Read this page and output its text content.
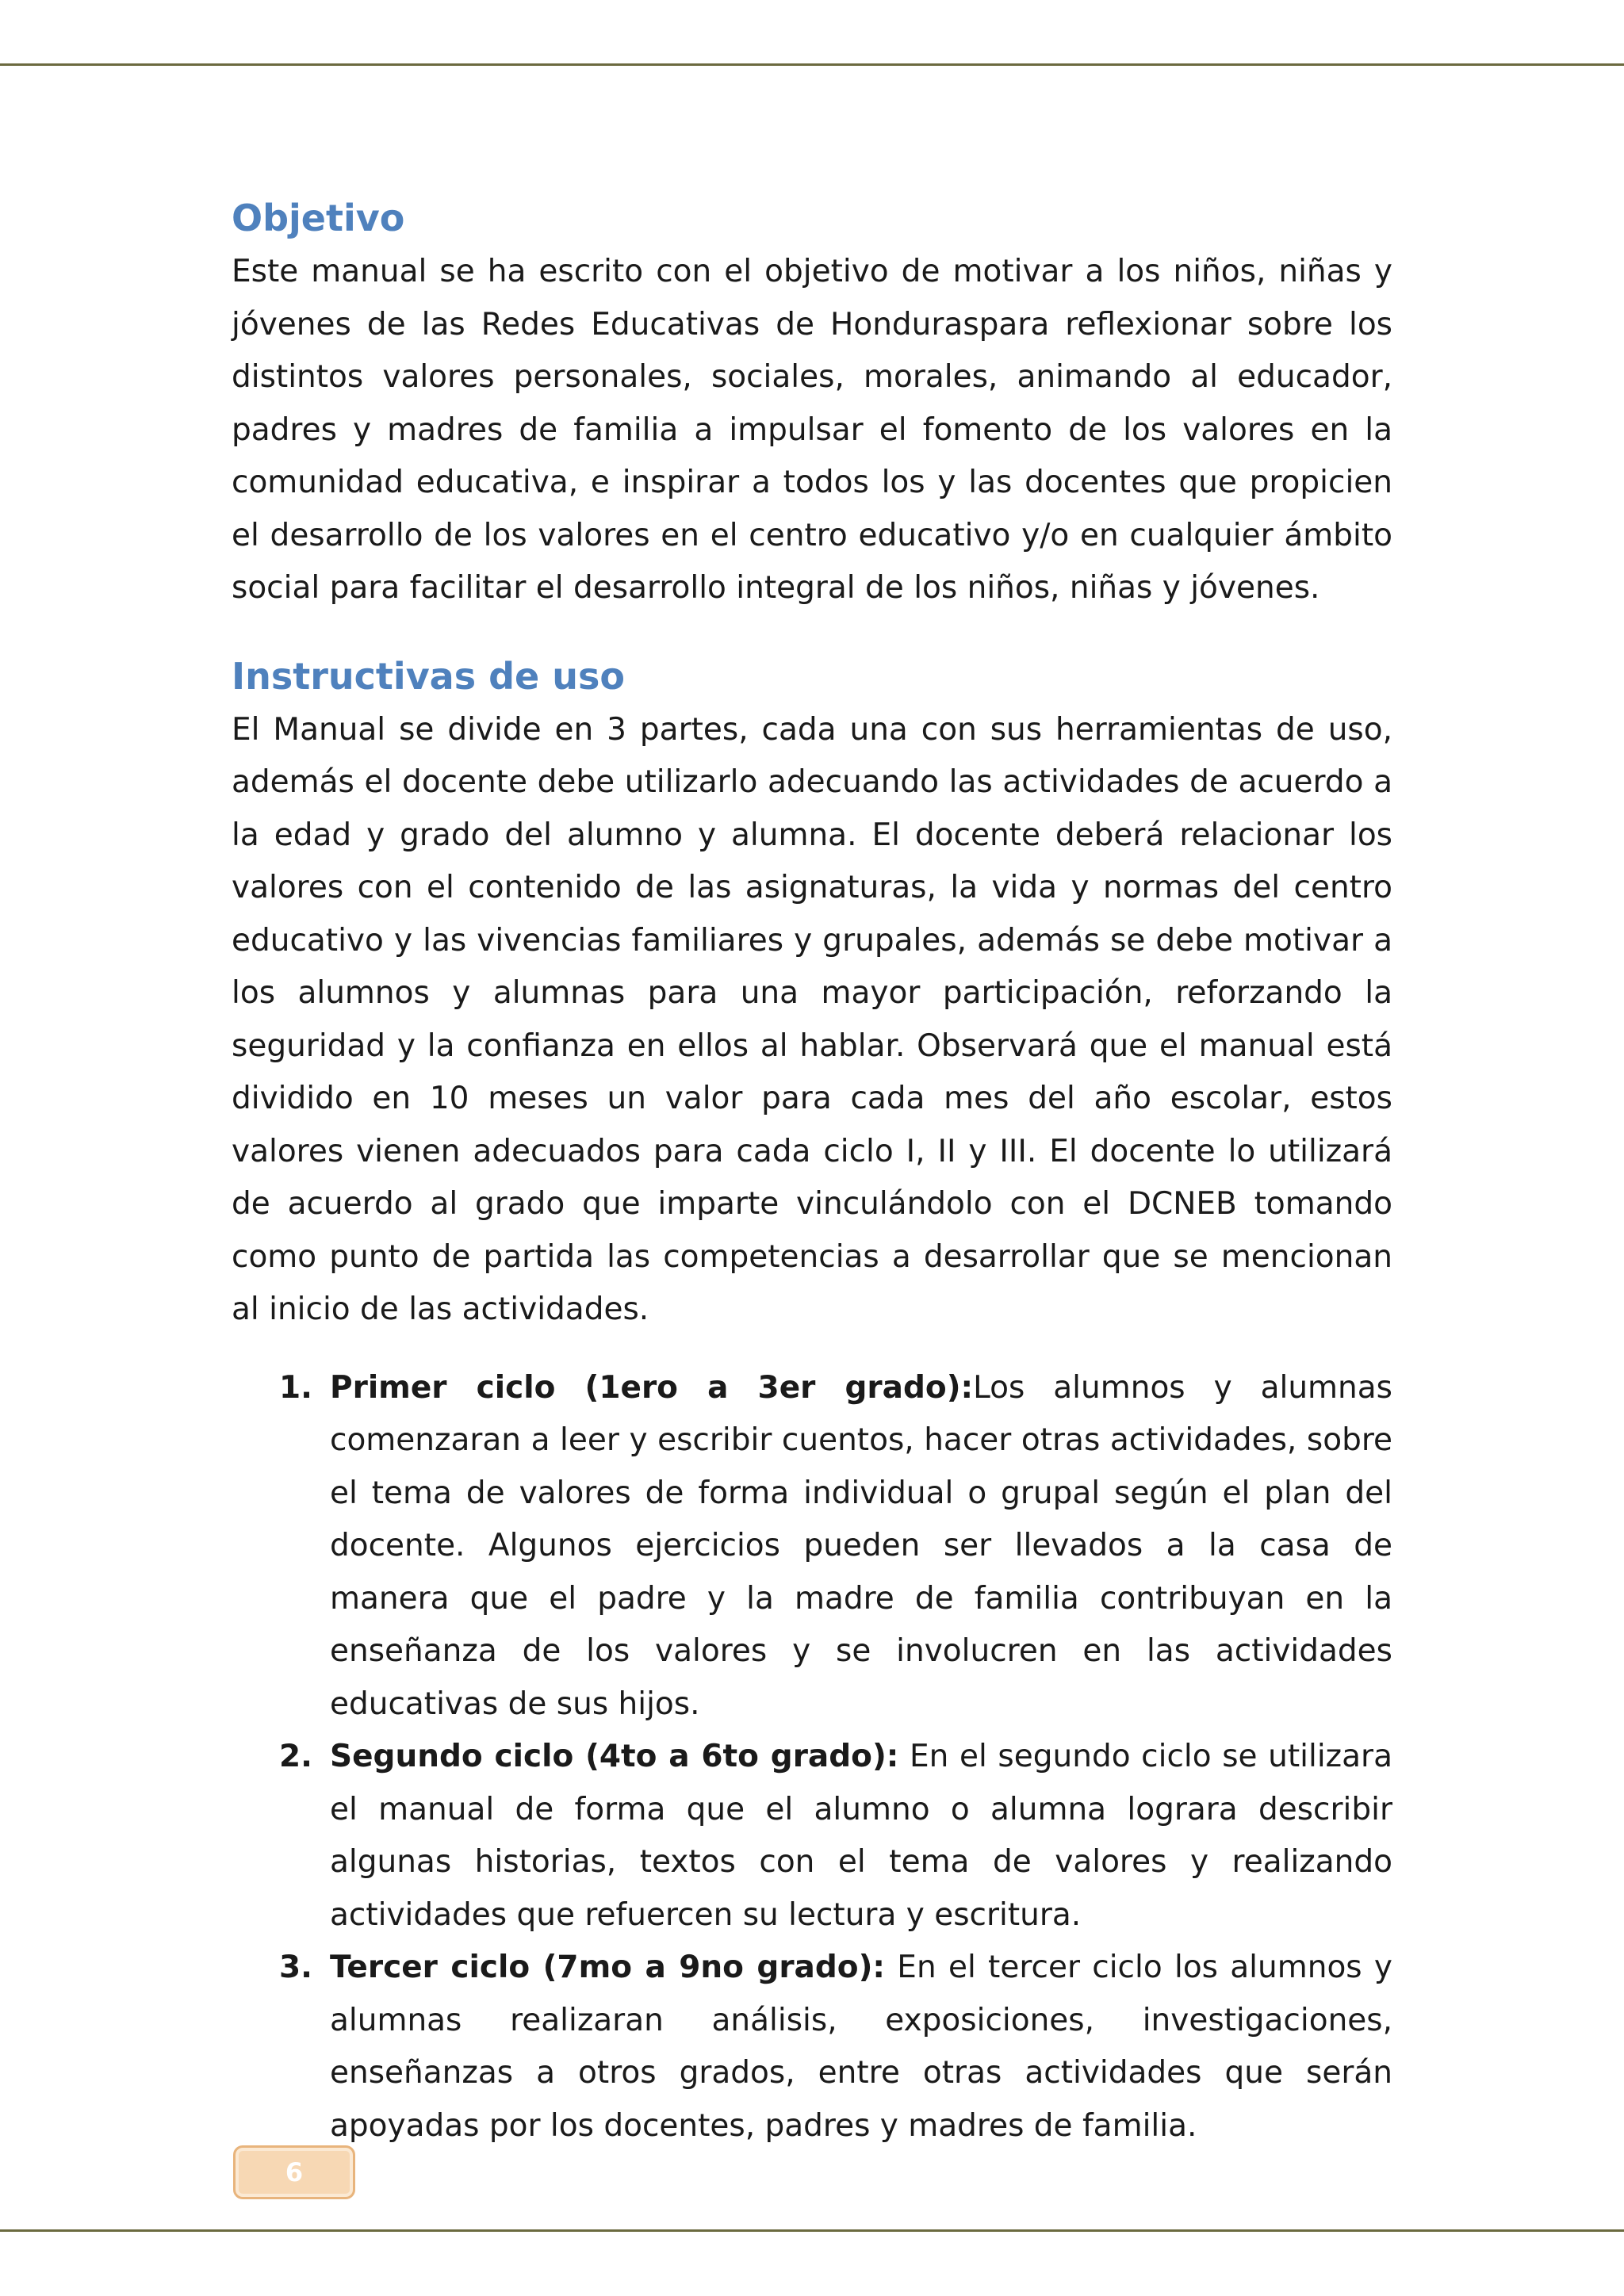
Objetivo

Este manual se ha escrito con el objetivo de motivar a los niños, niñas y jóvenes de las Redes Educativas de Honduraspara reflexionar sobre los distintos valores personales, sociales, morales, animando al educador, padres y madres de familia a impulsar el fomento de los valores en la comunidad educativa, e inspirar a todos los y las docentes que propicien el desarrollo de los valores en el centro educativo y/o en cualquier ámbito social para facilitar el desarrollo integral de los niños, niñas y jóvenes.

Instructivas de uso

El Manual se divide en 3 partes, cada una con sus herramientas de uso, además el docente debe utilizarlo adecuando las actividades de acuerdo a la edad y grado del alumno y alumna. El docente deberá relacionar los valores con el contenido de las asignaturas, la vida y normas del centro educativo y las vivencias familiares y grupales, además se debe motivar a los alumnos y alumnas para una mayor participación, reforzando la seguridad y la confianza en ellos al hablar. Observará que el manual está dividido en 10 meses un valor para cada mes del año escolar, estos valores vienen adecuados para cada ciclo I, II y III. El docente lo utilizará de acuerdo al grado que imparte vinculándolo con el DCNEB tomando como punto de partida las competencias a desarrollar que se mencionan al inicio de las actividades.

1. Primer ciclo (1ero a 3er grado):Los alumnos y alumnas comenzaran a leer y escribir cuentos, hacer otras actividades, sobre el tema de valores de forma individual o grupal según el plan del docente. Algunos ejercicios pueden ser llevados a la casa de manera que el padre y la madre de familia contribuyan en la enseñanza de los valores y se involucren en las actividades educativas de sus hijos.
2. Segundo ciclo (4to a 6to grado): En el segundo ciclo se utilizara el manual de forma que el alumno o alumna lograra describir algunas historias, textos con el tema de valores y realizando actividades que refuercen su lectura y escritura.
3. Tercer ciclo (7mo a 9no grado): En el tercer ciclo los alumnos y alumnas realizaran análisis, exposiciones, investigaciones, enseñanzas a otros grados, entre otras actividades que serán apoyadas por los docentes, padres y madres de familia.
6
